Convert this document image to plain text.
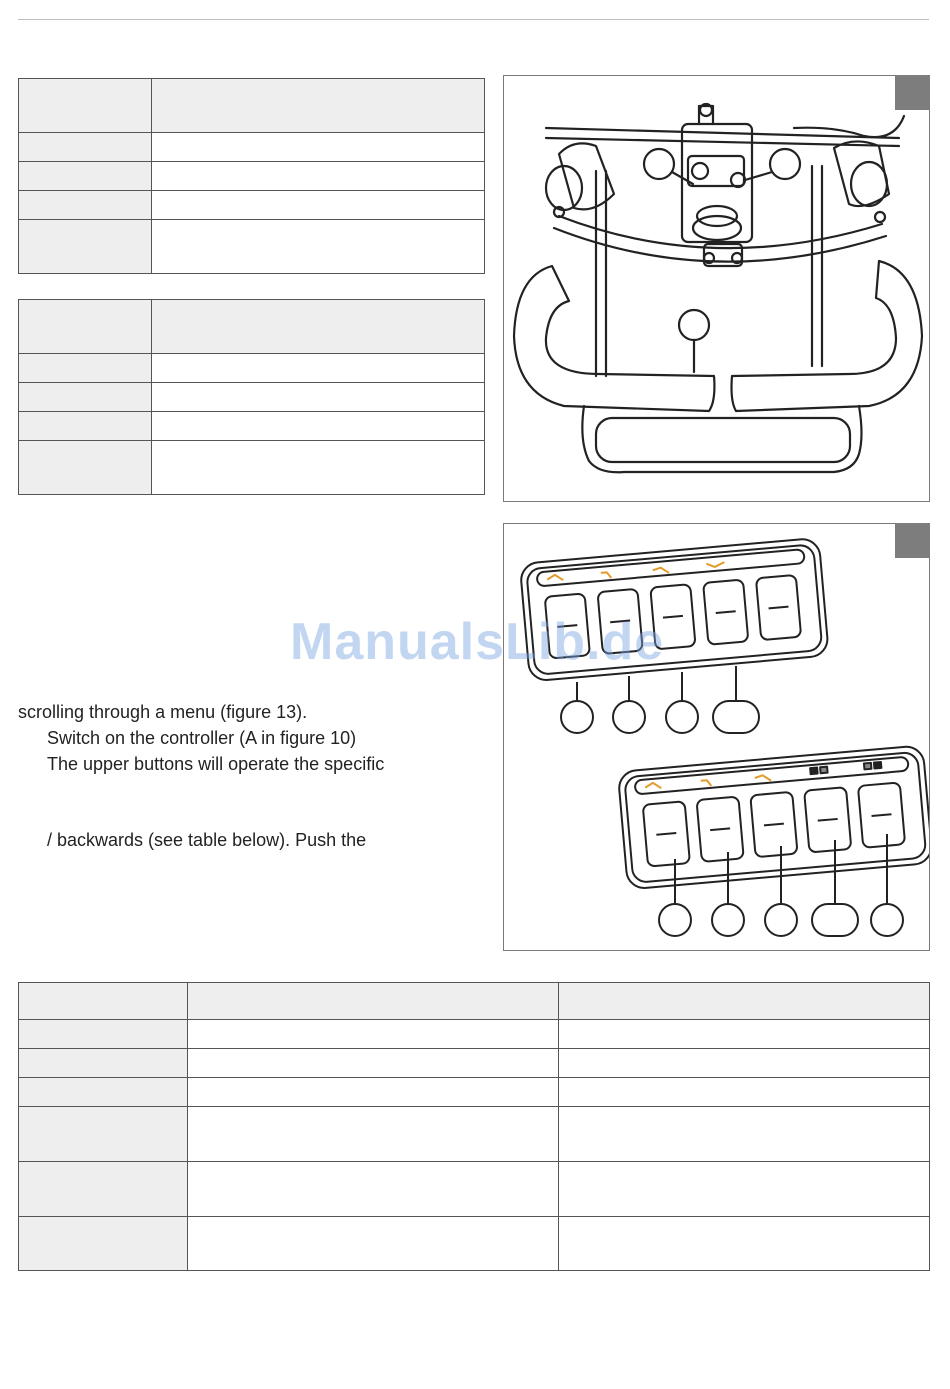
ManualsLib.de
scrolling through a menu (figure 13).
Switch on the controller (A in figure 10)
The upper buttons will operate the specific
/ backwards (see table below). Push the
